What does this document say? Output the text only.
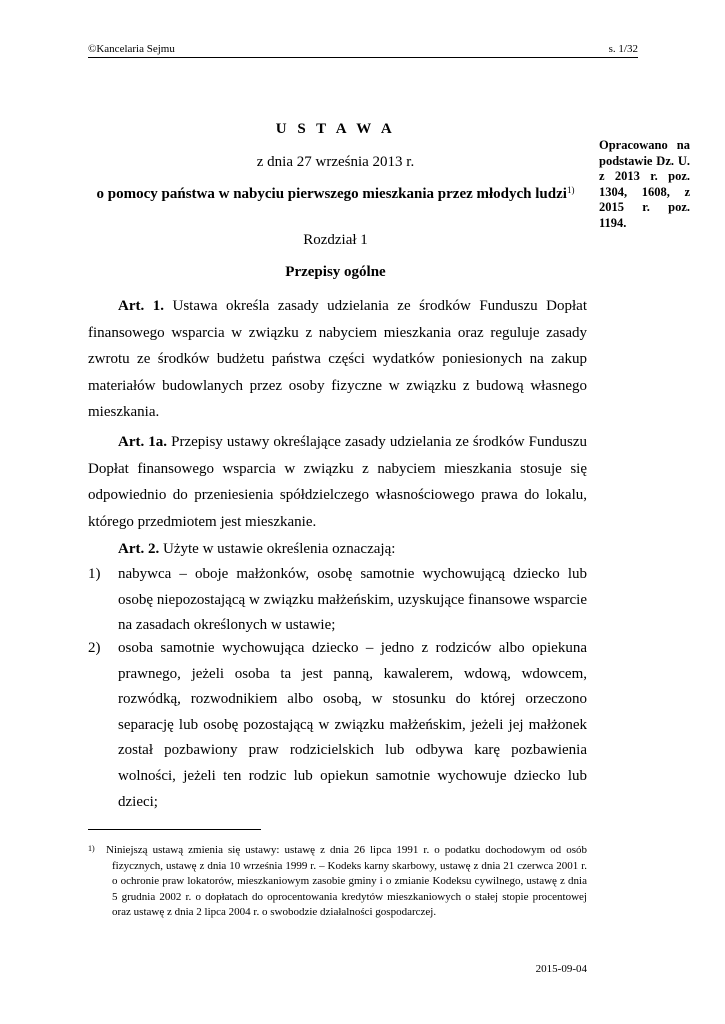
©Kancelaria Sejmu	s. 1/32
Opracowano na podstawie Dz. U. z 2013 r. poz. 1304, 1608, z 2015 r. poz. 1194.
U S T A W A
z dnia 27 września 2013 r.
o pomocy państwa w nabyciu pierwszego mieszkania przez młodych ludzi$^{1)}$
Rozdział 1
Przepisy ogólne
Art. 1. Ustawa określa zasady udzielania ze środków Funduszu Dopłat finansowego wsparcia w związku z nabyciem mieszkania oraz reguluje zasady zwrotu ze środków budżetu państwa części wydatków poniesionych na zakup materiałów budowlanych przez osoby fizyczne w związku z budową własnego mieszkania.
Art. 1a. Przepisy ustawy określające zasady udzielania ze środków Funduszu Dopłat finansowego wsparcia w związku z nabyciem mieszkania stosuje się odpowiednio do przeniesienia spółdzielczego własnościowego prawa do lokalu, którego przedmiotem jest mieszkanie.
Art. 2. Użyte w ustawie określenia oznaczają:
1) nabywca – oboje małżonków, osobę samotnie wychowującą dziecko lub osobę niepozostającą w związku małżeńskim, uzyskujące finansowe wsparcie na zasadach określonych w ustawie;
2) osoba samotnie wychowująca dziecko – jedno z rodziców albo opiekuna prawnego, jeżeli osoba ta jest panną, kawalerem, wdową, wdowcem, rozwódką, rozwodnikiem albo osobą, w stosunku do której orzeczono separację lub osobę pozostającą w związku małżeńskim, jeżeli jej małżonek został pozbawiony praw rodzicielskich lub odbywa karę pozbawienia wolności, jeżeli ten rodzic lub opiekun samotnie wychowuje dziecko lub dzieci;
1) Niniejszą ustawą zmienia się ustawy: ustawę z dnia 26 lipca 1991 r. o podatku dochodowym od osób fizycznych, ustawę z dnia 10 września 1999 r. – Kodeks karny skarbowy, ustawę z dnia 21 czerwca 2001 r. o ochronie praw lokatorów, mieszkaniowym zasobie gminy i o zmianie Kodeksu cywilnego, ustawę z dnia 5 grudnia 2002 r. o dopłatach do oprocentowania kredytów mieszkaniowych o stałej stopie procentowej oraz ustawę z dnia 2 lipca 2004 r. o swobodzie działalności gospodarczej.
2015-09-04
